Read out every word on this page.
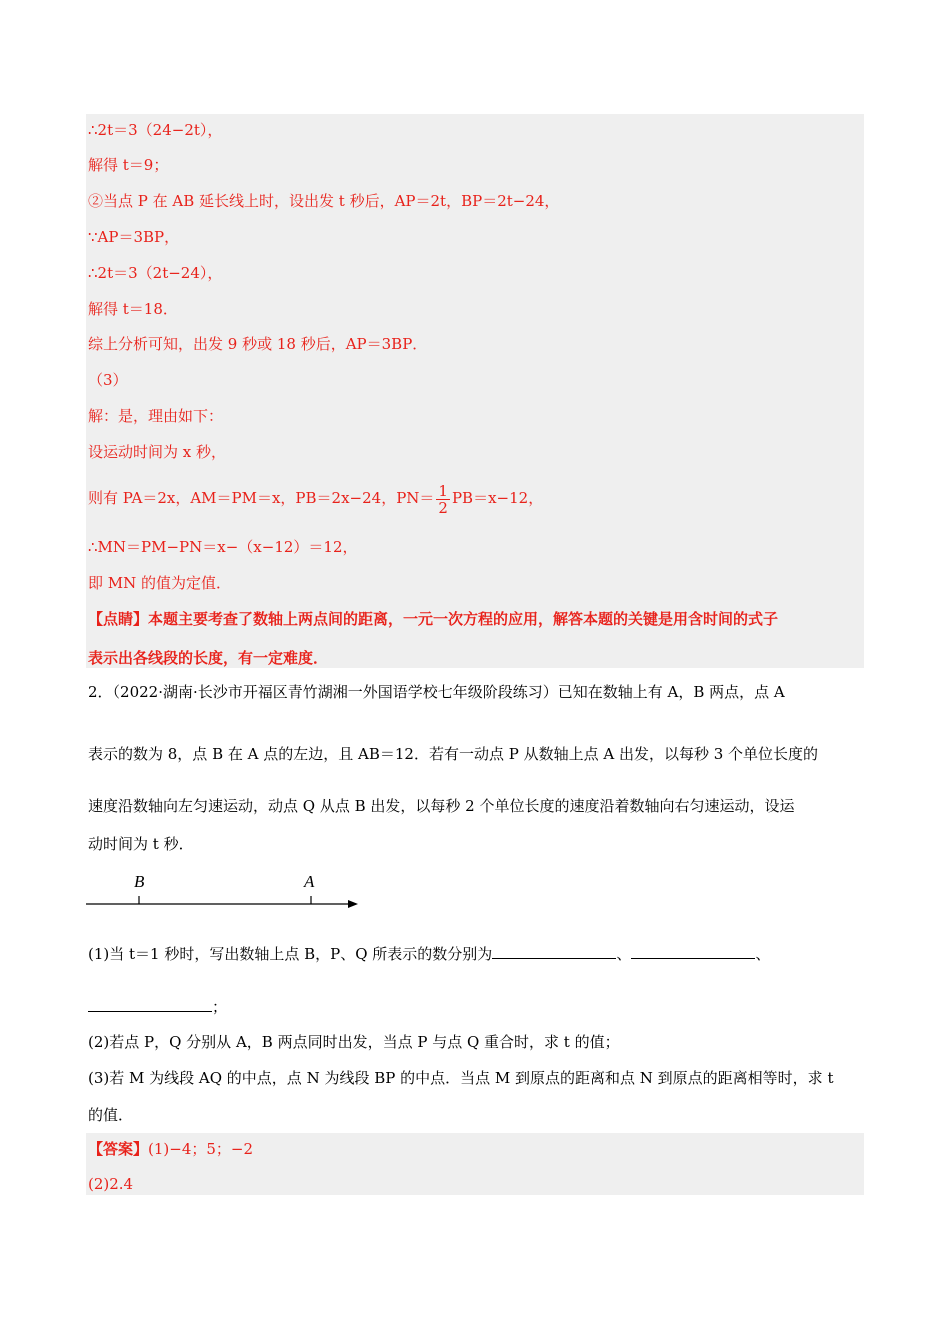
∴2t＝3（24−2t），
解得 t＝9；
②当点 P 在 AB 延长线上时，设出发 t 秒后，AP＝2t，BP＝2t−24，
∵AP＝3BP，
∴2t＝3（2t−24），
解得 t＝18．
综上分析可知，出发 9 秒或 18 秒后，AP＝3BP．
（3）
解：是，理由如下：
设运动时间为 x 秒，
则有 PA＝2x，AM＝PM＝x，PB＝2x−24，$PN= \frac{1}{2} PB=x-12$，
∴MN＝PM−PN＝x−（x−12）＝12，
即 MN 的值为定值．
【点睛】本题主要考查了数轴上两点间的距离，一元一次方程的应用，解答本题的关键是用含时间的式子
表示出各线段的长度，有一定难度．
2．（2022·湖南·长沙市开福区青竹湖湘一外国语学校七年级阶段练习）已知在数轴上有 A，B 两点，点 A
表示的数为 8，点 B 在 A 点的左边，且 AB＝12．若有一动点 P 从数轴上点 A 出发，以每秒 3 个单位长度的
速度沿数轴向左匀速运动，动点 Q 从点 B 出发，以每秒 2 个单位长度的速度沿着数轴向右匀速运动，设运
动时间为 t 秒．
B	A
(1)当 t＝1 秒时，写出数轴上点 B，P、Q 所表示的数分别为	、	、
；
(2)若点 P，Q 分别从 A，B 两点同时出发，当点 P 与点 Q 重合时，求 t 的值；
(3)若 M 为线段 AQ 的中点，点 N 为线段 BP 的中点．当点 M 到原点的距离和点 N 到原点的距离相等时，求 t
的值．
【答案】(1)−4；5；−2
(2)2.4
